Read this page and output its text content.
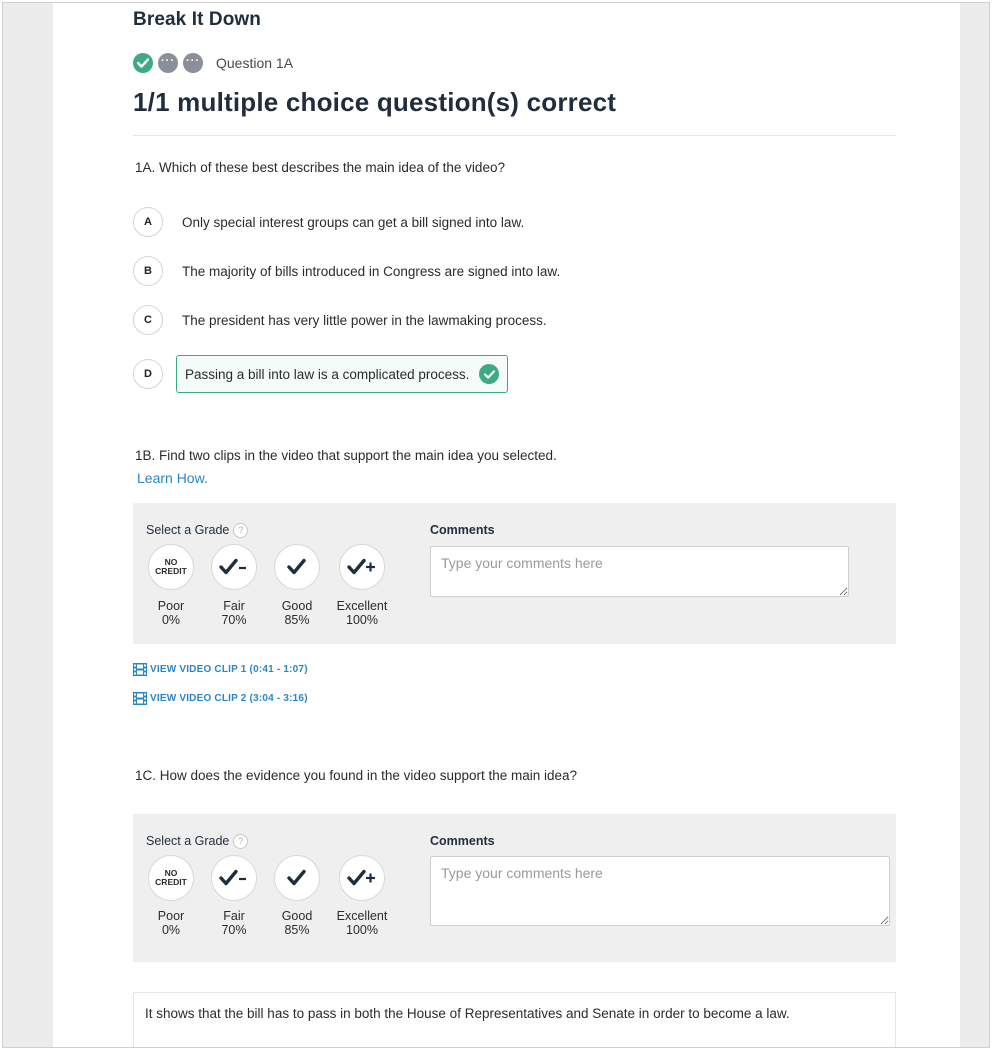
Break It Down
··· ··· Question 1A
1/1 multiple choice question(s) correct
1A. Which of these best describes the main idea of the video?
A	Only special interest groups can get a bill signed into law.
B	The majority of bills introduced in Congress are signed into law.
C	The president has very little power in the lawmaking process.
D	Passing a bill into law is a complicated process.
1B. Find two clips in the video that support the main idea you selected.
Learn How.
Select a Grade ?
NO
CREDIT
Poor
0%
Fair
70%
Good
85%
Excellent
100%
Comments
Type your comments here
VIEW VIDEO CLIP 1 (0:41 - 1:07)
VIEW VIDEO CLIP 2 (3:04 - 3:16)
1C. How does the evidence you found in the video support the main idea?
Select a Grade ?
NO
CREDIT
Poor
0%
Fair
70%
Good
85%
Excellent
100%
Comments
Type your comments here
It shows that the bill has to pass in both the House of Representatives and Senate in order to become a law.
